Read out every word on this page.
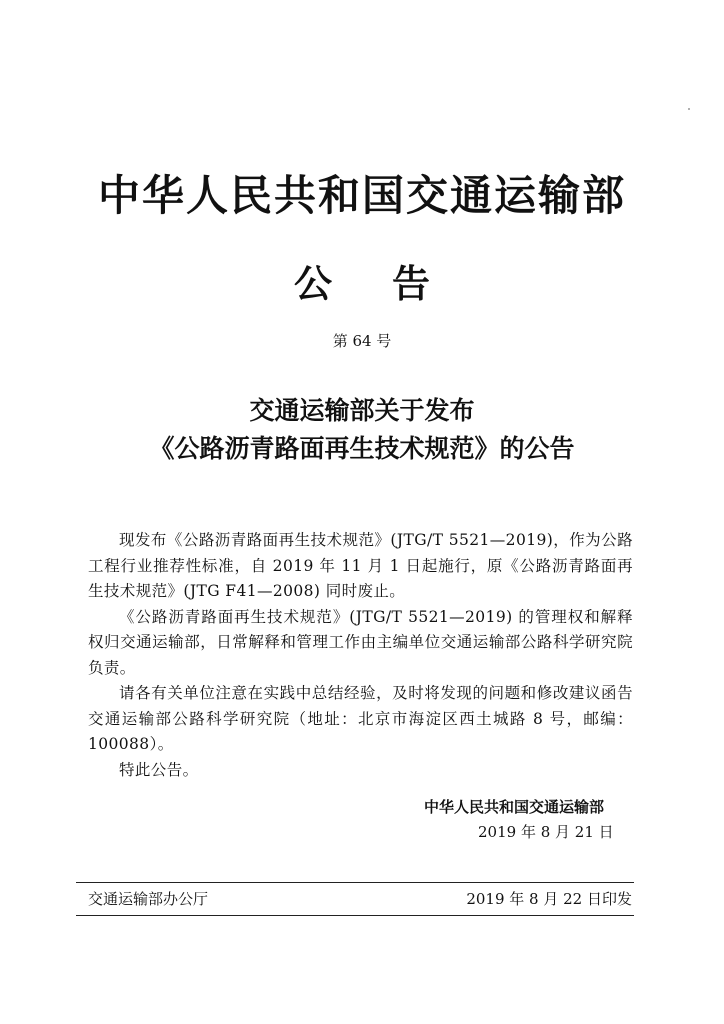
中华人民共和国交通运输部
公告
第 64 号
交通运输部关于发布
《公路沥青路面再生技术规范》的公告

现发布《公路沥青路面再生技术规范》(JTG/T 5521—2019)，作为公路工程行业推荐性标准，自 2019 年 11 月 1 日起施行，原《公路沥青路面再生技术规范》(JTG F41—2008) 同时废止。

《公路沥青路面再生技术规范》(JTG/T 5521—2019) 的管理权和解释权归交通运输部，日常解释和管理工作由主编单位交通运输部公路科学研究院负责。

请各有关单位注意在实践中总结经验，及时将发现的问题和修改建议函告交通运输部公路科学研究院（地址：北京市海淀区西土城路 8 号，邮编：100088）。

特此公告。

中华人民共和国交通运输部
2019 年 8 月 21 日
交通运输部办公厅	2019 年 8 月 22 日印发
